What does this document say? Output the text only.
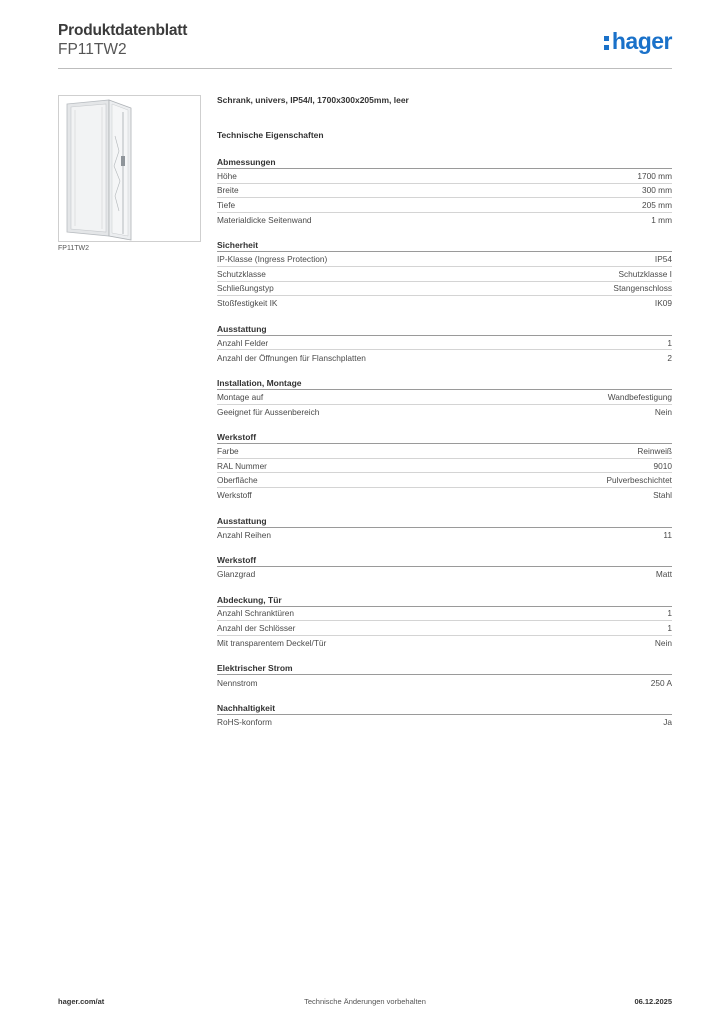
Produktdatenblatt
FP11TW2	hager
FP11TW2
Schrank, univers, IP54/I, 1700x300x205mm, leer
Technische Eigenschaften
Abmessungen
Höhe	1700 mm
Breite	300 mm
Tiefe	205 mm
Materialdicke Seitenwand	1 mm
Sicherheit
IP-Klasse (Ingress Protection)	IP54
Schutzklasse	Schutzklasse I
Schließungstyp	Stangenschloss
Stoßfestigkeit IK	IK09
Ausstattung
Anzahl Felder	1
Anzahl der Öffnungen für Flanschplatten	2
Installation, Montage
Montage auf	Wandbefestigung
Geeignet für Aussenbereich	Nein
Werkstoff
Farbe	Reinweiß
RAL Nummer	9010
Oberfläche	Pulverbeschichtet
Werkstoff	Stahl
Ausstattung
Anzahl Reihen	11
Werkstoff
Glanzgrad	Matt
Abdeckung, Tür
Anzahl Schranktüren	1
Anzahl der Schlösser	1
Mit transparentem Deckel/Tür	Nein
Elektrischer Strom
Nennstrom	250 A
Nachhaltigkeit
RoHS-konform	Ja
hager.com/at	Technische Änderungen vorbehalten	06.12.2025
